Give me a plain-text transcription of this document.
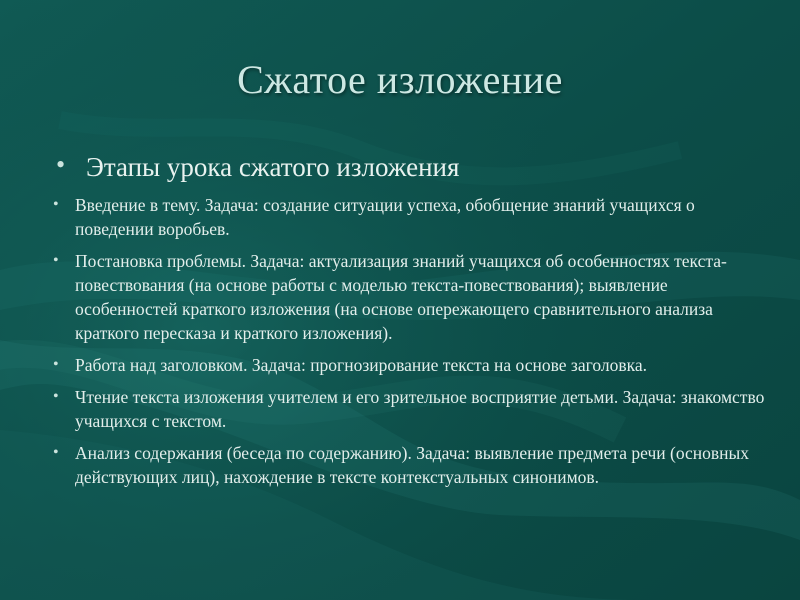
Сжатое изложение
• Этапы урока сжатого изложения
• Введение в тему. Задача: создание ситуации успеха, обобщение знаний учащихся о поведении воробьев.
• Постановка проблемы. Задача: актуализация знаний учащихся об особенностях текста-повествования (на основе работы с моделью текста-повествования); выявление особенностей краткого изложения (на основе опережающего сравнительного анализа краткого пересказа и краткого изложения).
• Работа над заголовком. Задача: прогнозирование текста на основе заголовка.
• Чтение текста изложения учителем и его зрительное восприятие детьми. Задача: знакомство учащихся с текстом.
• Анализ содержания (беседа по содержанию). Задача: выявление предмета речи (основных действующих лиц), нахождение в тексте контекстуальных синонимов.
